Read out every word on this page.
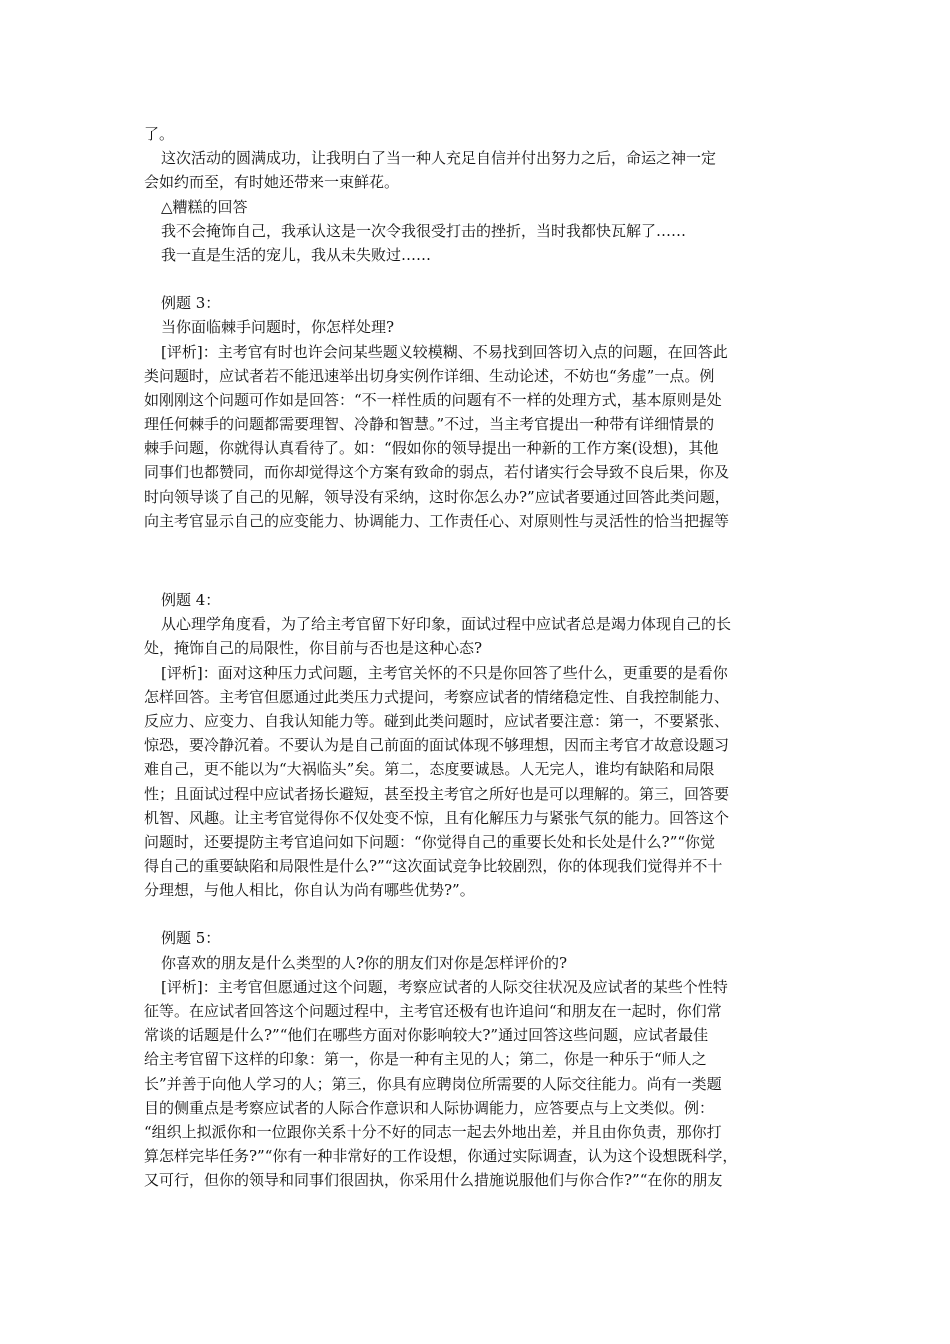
了。
这次活动的圆满成功，让我明白了当一种人充足自信并付出努力之后，命运之神一定
会如约而至，有时她还带来一束鲜花。
△糟糕的回答
我不会掩饰自己，我承认这是一次令我很受打击的挫折，当时我都快瓦解了……
我一直是生活的宠儿，我从未失败过……
例题 3：
当你面临棘手问题时，你怎样处理?
[评析]：主考官有时也许会问某些题义较模糊、不易找到回答切入点的问题，在回答此
类问题时，应试者若不能迅速举出切身实例作详细、生动论述，不妨也“务虚”一点。例
如刚刚这个问题可作如是回答：“不一样性质的问题有不一样的处理方式，基本原则是处
理任何棘手的问题都需要理智、冷静和智慧。”不过，当主考官提出一种带有详细情景的
棘手问题，你就得认真看待了。如：“假如你的领导提出一种新的工作方案(设想)，其他
同事们也都赞同，而你却觉得这个方案有致命的弱点，若付诸实行会导致不良后果，你及
时向领导谈了自己的见解，领导没有采纳，这时你怎么办?”应试者要通过回答此类问题，
向主考官显示自己的应变能力、协调能力、工作责任心、对原则性与灵活性的恰当把握等
例题 4：
从心理学角度看，为了给主考官留下好印象，面试过程中应试者总是竭力体现自己的长
处，掩饰自己的局限性，你目前与否也是这种心态?
[评析]：面对这种压力式问题，主考官关怀的不只是你回答了些什么，更重要的是看你
怎样回答。主考官但愿通过此类压力式提问，考察应试者的情绪稳定性、自我控制能力、
反应力、应变力、自我认知能力等。碰到此类问题时，应试者要注意：第一，不要紧张、
惊恐，要冷静沉着。不要认为是自己前面的面试体现不够理想，因而主考官才故意设题习
难自己，更不能以为“大祸临头”矣。第二，态度要诚恳。人无完人，谁均有缺陷和局限
性；且面试过程中应试者扬长避短，甚至投主考官之所好也是可以理解的。第三，回答要
机智、风趣。让主考官觉得你不仅处变不惊，且有化解压力与紧张气氛的能力。回答这个
问题时，还要提防主考官追问如下问题：“你觉得自己的重要长处和长处是什么?”“你觉
得自己的重要缺陷和局限性是什么?”“这次面试竞争比较剧烈，你的体现我们觉得并不十
分理想，与他人相比，你自认为尚有哪些优势?”。
例题 5：
你喜欢的朋友是什么类型的人?你的朋友们对你是怎样评价的?
[评析]：主考官但愿通过这个问题，考察应试者的人际交往状况及应试者的某些个性特
征等。在应试者回答这个问题过程中，主考官还极有也许追问“和朋友在一起时，你们常
常谈的话题是什么?”“他们在哪些方面对你影响较大?”通过回答这些问题，应试者最佳
给主考官留下这样的印象：第一，你是一种有主见的人；第二，你是一种乐于“师人之
长”并善于向他人学习的人；第三，你具有应聘岗位所需要的人际交往能力。尚有一类题
目的侧重点是考察应试者的人际合作意识和人际协调能力，应答要点与上文类似。例：
“组织上拟派你和一位跟你关系十分不好的同志一起去外地出差，并且由你负责，那你打
算怎样完毕任务?”“你有一种非常好的工作设想，你通过实际调查，认为这个设想既科学，
又可行，但你的领导和同事们很固执，你采用什么措施说服他们与你合作?”“在你的朋友
